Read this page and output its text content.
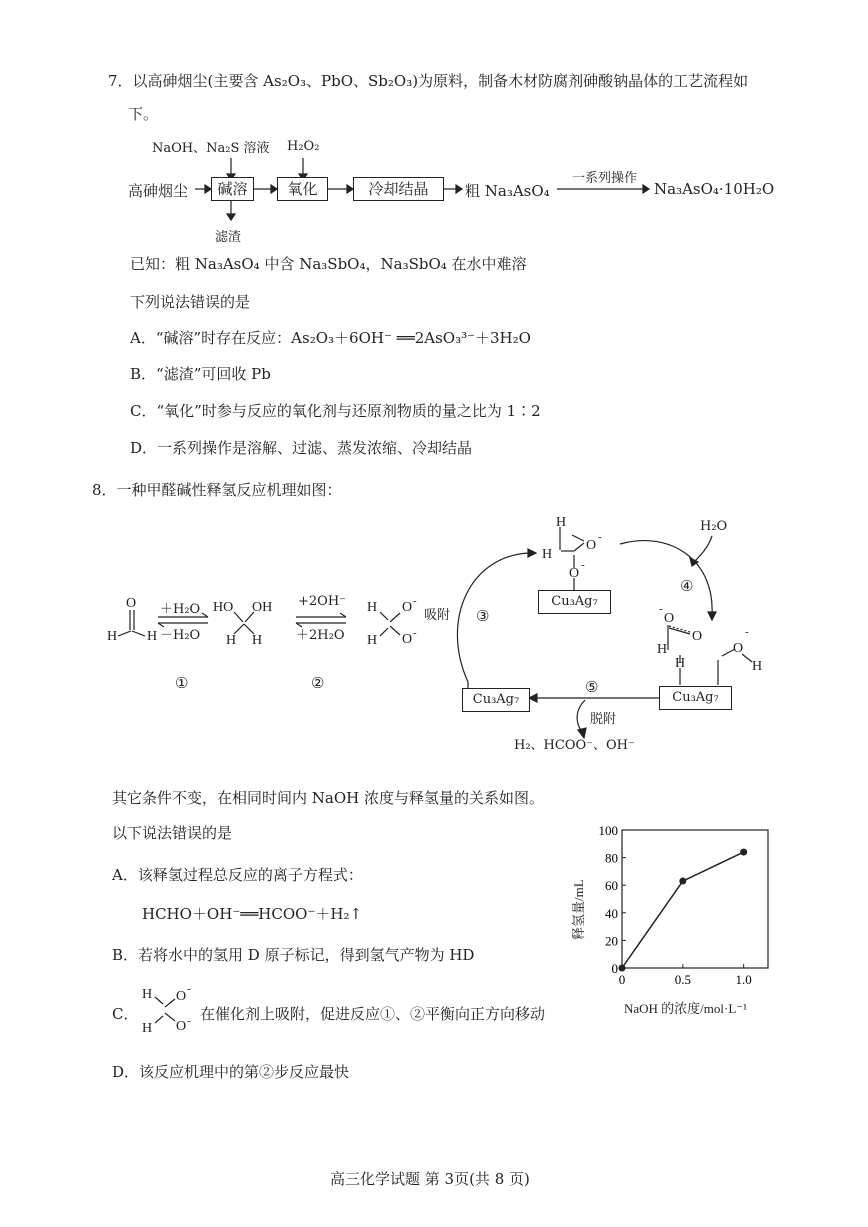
7．以高砷烟尘(主要含 As₂O₃、PbO、Sb₂O₃)为原料，制备木材防腐剂砷酸钠晶体的工艺流程如
下。
NaOH、Na₂S 溶液 H₂O₂
高砷烟尘	碱溶	氧化	冷却结晶	粗 Na₃AsO₄
一系列操作
Na₃AsO₄·10H₂O
滤渣
已知：粗 Na₃AsO₄ 中含 Na₃SbO₄，Na₃SbO₄ 在水中难溶
下列说法错误的是
A．“碱溶”时存在反应：As₂O₃＋6OH⁻ ══2AsO₃³⁻＋3H₂O
B．“滤渣”可回收 Pb
C．“氧化”时参与反应的氧化剂与还原剂物质的量之比为 1∶2
D．一系列操作是溶解、过滤、蒸发浓缩、冷却结晶
8．一种甲醛碱性释氢反应机理如图：
O
H H
HO OH
H H
H O -
H O -
H
H
O
-
O
-
-
O
O
H
H
O
-
H
＋H₂O
－H₂O
+2OH⁻
＋2H₂O
①	②
③
④
⑤
吸附
脱附
H₂O
Cu₃Ag₇
Cu₃Ag₇
Cu₃Ag₇
H₂、HCOO⁻、OH⁻
其它条件不变，在相同时间内 NaOH 浓度与释氢量的关系如图。
以下说法错误的是
A．该释氢过程总反应的离子方程式：
HCHO＋OH⁻══HCOO⁻＋H₂↑
B．若将水中的氢用 D 原子标记，得到氢气产物为 HD
C．
H
H
O -
O - 在催化剂上吸附，促进反应①、②平衡向正方向移动
D．该反应机理中的第②步反应最快
0
20
40
60
80
100
0	0.5	1.0
NaOH 的浓度/mol·L⁻¹
释氢量/mL
高三化学试题 第 3页(共 8 页)
